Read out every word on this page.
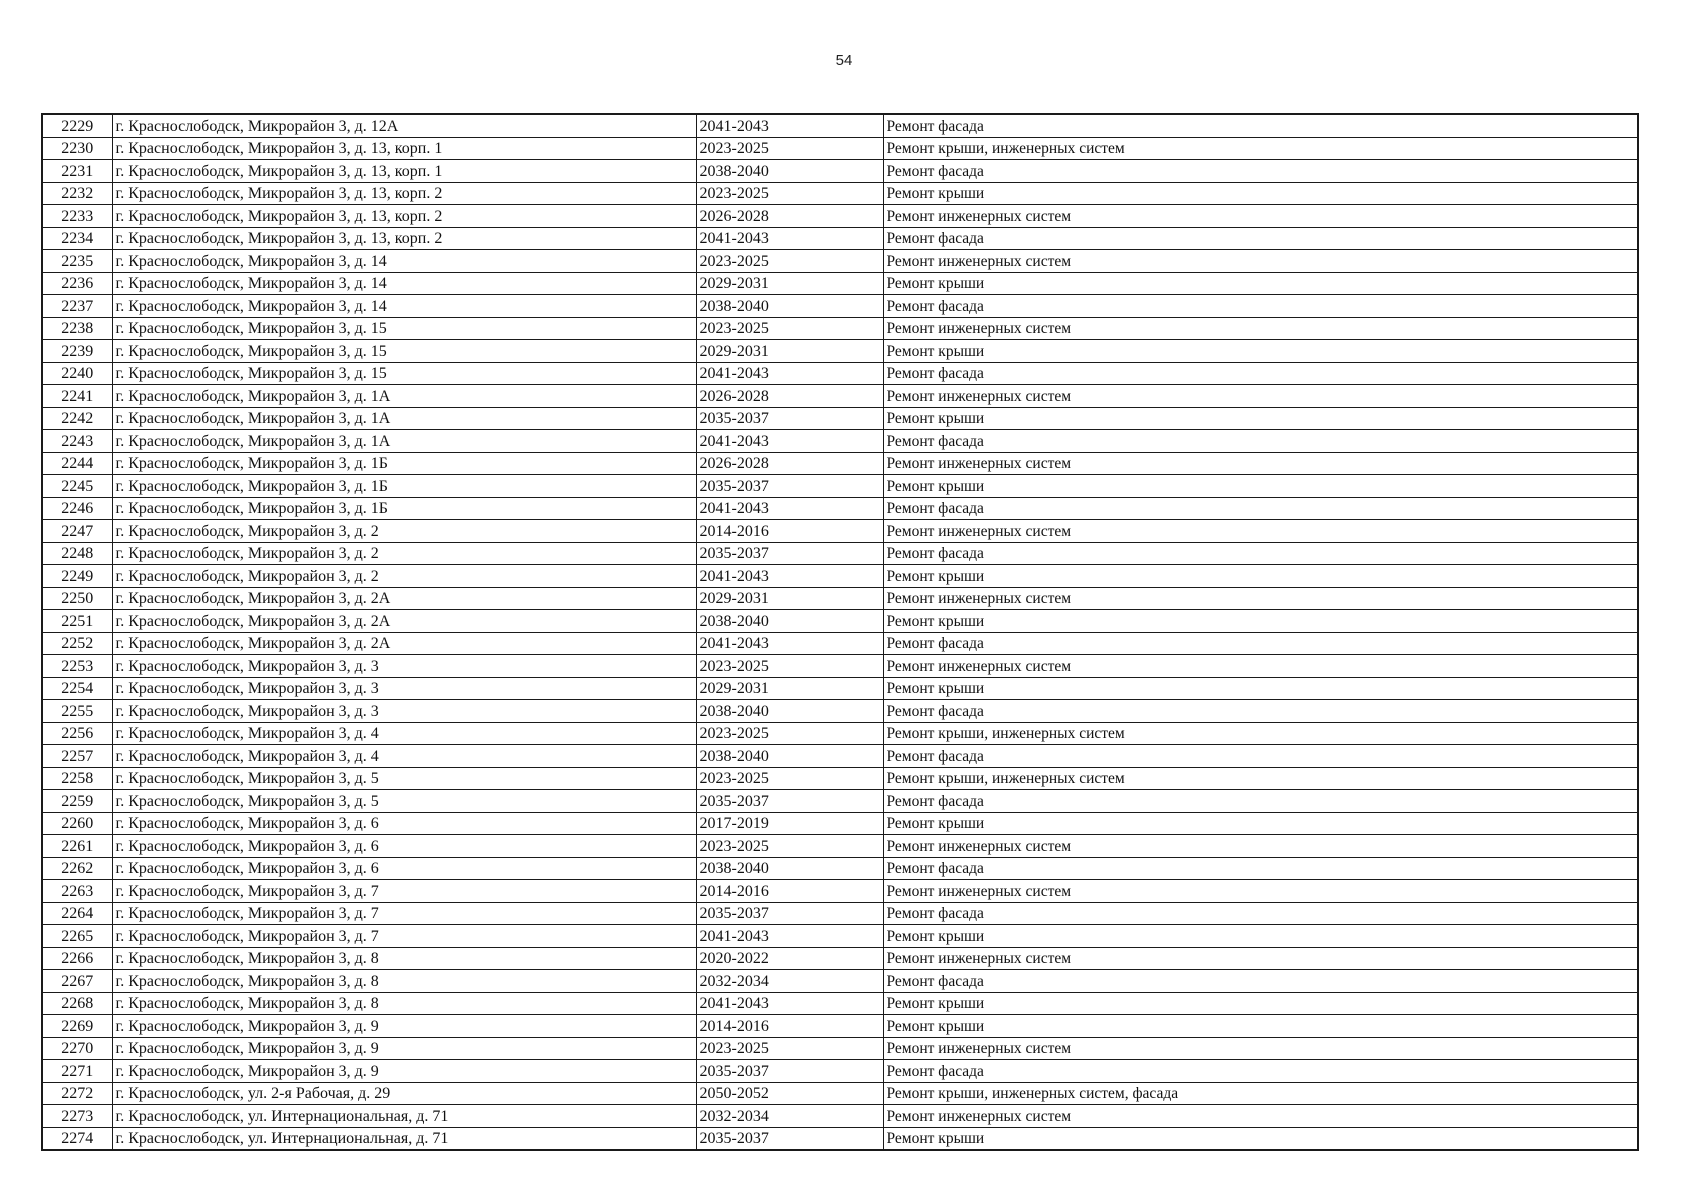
54
2229	г. Краснослободск, Микрорайон 3, д. 12А	2041-2043	Ремонт фасада
2230	г. Краснослободск, Микрорайон 3, д. 13, корп. 1	2023-2025	Ремонт крыши, инженерных систем
2231	г. Краснослободск, Микрорайон 3, д. 13, корп. 1	2038-2040	Ремонт фасада
2232	г. Краснослободск, Микрорайон 3, д. 13, корп. 2	2023-2025	Ремонт крыши
2233	г. Краснослободск, Микрорайон 3, д. 13, корп. 2	2026-2028	Ремонт инженерных систем
2234	г. Краснослободск, Микрорайон 3, д. 13, корп. 2	2041-2043	Ремонт фасада
2235	г. Краснослободск, Микрорайон 3, д. 14	2023-2025	Ремонт инженерных систем
2236	г. Краснослободск, Микрорайон 3, д. 14	2029-2031	Ремонт крыши
2237	г. Краснослободск, Микрорайон 3, д. 14	2038-2040	Ремонт фасада
2238	г. Краснослободск, Микрорайон 3, д. 15	2023-2025	Ремонт инженерных систем
2239	г. Краснослободск, Микрорайон 3, д. 15	2029-2031	Ремонт крыши
2240	г. Краснослободск, Микрорайон 3, д. 15	2041-2043	Ремонт фасада
2241	г. Краснослободск, Микрорайон 3, д. 1А	2026-2028	Ремонт инженерных систем
2242	г. Краснослободск, Микрорайон 3, д. 1А	2035-2037	Ремонт крыши
2243	г. Краснослободск, Микрорайон 3, д. 1А	2041-2043	Ремонт фасада
2244	г. Краснослободск, Микрорайон 3, д. 1Б	2026-2028	Ремонт инженерных систем
2245	г. Краснослободск, Микрорайон 3, д. 1Б	2035-2037	Ремонт крыши
2246	г. Краснослободск, Микрорайон 3, д. 1Б	2041-2043	Ремонт фасада
2247	г. Краснослободск, Микрорайон 3, д. 2	2014-2016	Ремонт инженерных систем
2248	г. Краснослободск, Микрорайон 3, д. 2	2035-2037	Ремонт фасада
2249	г. Краснослободск, Микрорайон 3, д. 2	2041-2043	Ремонт крыши
2250	г. Краснослободск, Микрорайон 3, д. 2А	2029-2031	Ремонт инженерных систем
2251	г. Краснослободск, Микрорайон 3, д. 2А	2038-2040	Ремонт крыши
2252	г. Краснослободск, Микрорайон 3, д. 2А	2041-2043	Ремонт фасада
2253	г. Краснослободск, Микрорайон 3, д. 3	2023-2025	Ремонт инженерных систем
2254	г. Краснослободск, Микрорайон 3, д. 3	2029-2031	Ремонт крыши
2255	г. Краснослободск, Микрорайон 3, д. 3	2038-2040	Ремонт фасада
2256	г. Краснослободск, Микрорайон 3, д. 4	2023-2025	Ремонт крыши, инженерных систем
2257	г. Краснослободск, Микрорайон 3, д. 4	2038-2040	Ремонт фасада
2258	г. Краснослободск, Микрорайон 3, д. 5	2023-2025	Ремонт крыши, инженерных систем
2259	г. Краснослободск, Микрорайон 3, д. 5	2035-2037	Ремонт фасада
2260	г. Краснослободск, Микрорайон 3, д. 6	2017-2019	Ремонт крыши
2261	г. Краснослободск, Микрорайон 3, д. 6	2023-2025	Ремонт инженерных систем
2262	г. Краснослободск, Микрорайон 3, д. 6	2038-2040	Ремонт фасада
2263	г. Краснослободск, Микрорайон 3, д. 7	2014-2016	Ремонт инженерных систем
2264	г. Краснослободск, Микрорайон 3, д. 7	2035-2037	Ремонт фасада
2265	г. Краснослободск, Микрорайон 3, д. 7	2041-2043	Ремонт крыши
2266	г. Краснослободск, Микрорайон 3, д. 8	2020-2022	Ремонт инженерных систем
2267	г. Краснослободск, Микрорайон 3, д. 8	2032-2034	Ремонт фасада
2268	г. Краснослободск, Микрорайон 3, д. 8	2041-2043	Ремонт крыши
2269	г. Краснослободск, Микрорайон 3, д. 9	2014-2016	Ремонт крыши
2270	г. Краснослободск, Микрорайон 3, д. 9	2023-2025	Ремонт инженерных систем
2271	г. Краснослободск, Микрорайон 3, д. 9	2035-2037	Ремонт фасада
2272	г. Краснослободск, ул. 2-я Рабочая, д. 29	2050-2052	Ремонт крыши, инженерных систем, фасада
2273	г. Краснослободск, ул. Интернациональная, д. 71	2032-2034	Ремонт инженерных систем
2274	г. Краснослободск, ул. Интернациональная, д. 71	2035-2037	Ремонт крыши
